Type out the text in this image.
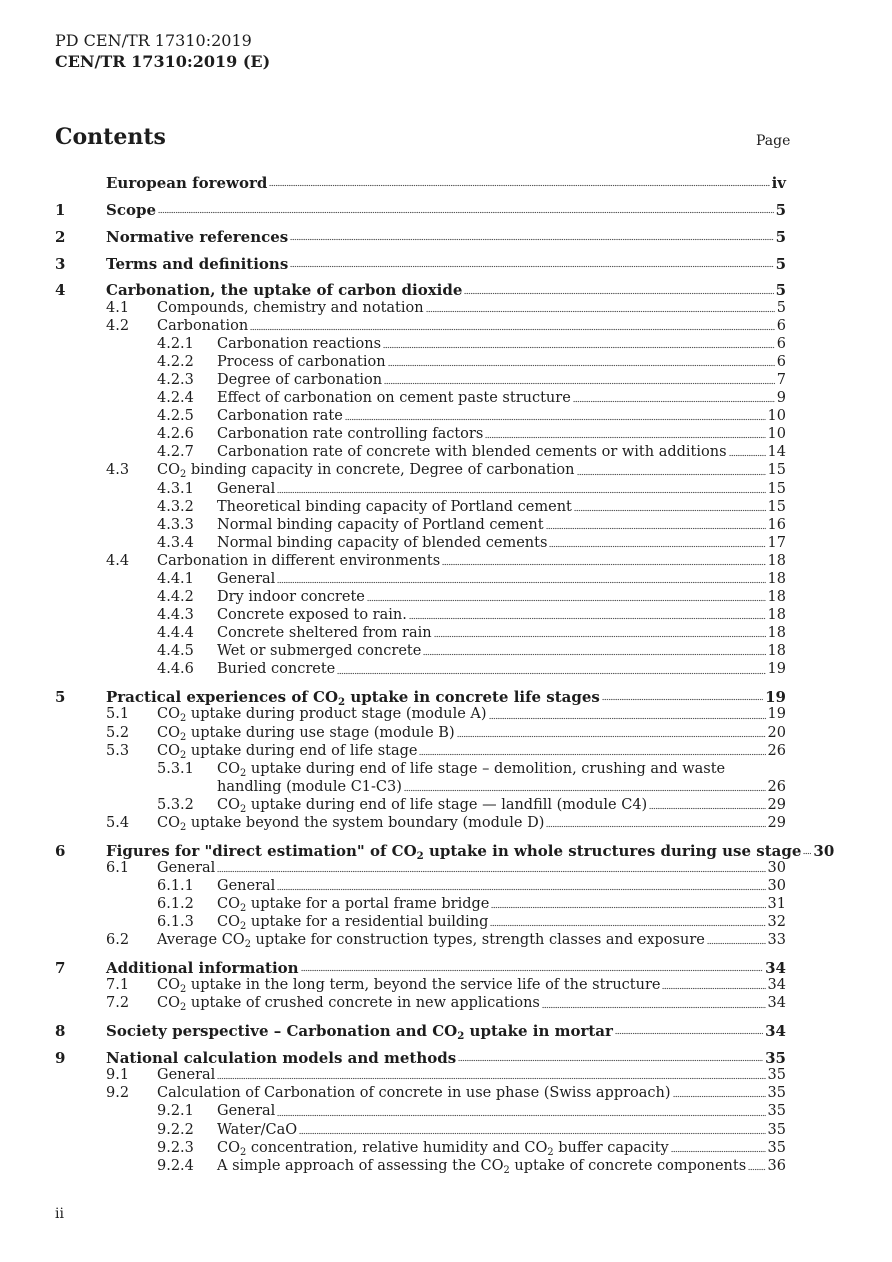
PD CEN/TR 17310:2019
CEN/TR 17310:2019 (E)
Contents	Page
European foreword	iv
1	Scope	5
2	Normative references	5
3	Terms and definitions	5
4	Carbonation, the uptake of carbon dioxide	5
4.1	Compounds, chemistry and notation	5
4.2	Carbonation	6
4.2.1	Carbonation reactions	6
4.2.2	Process of carbonation	6
4.2.3	Degree of carbonation	7
4.2.4	Effect of carbonation on cement paste structure	9
4.2.5	Carbonation rate	10
4.2.6	Carbonation rate controlling factors	10
4.2.7	Carbonation rate of concrete with blended cements or with additions	14
4.3	$CO_2$ binding capacity in concrete, Degree of carbonation	15
4.3.1	General	15
4.3.2	Theoretical binding capacity of Portland cement	15
4.3.3	Normal binding capacity of Portland cement	16
4.3.4	Normal binding capacity of blended cements	17
4.4	Carbonation in different environments	18
4.4.1	General	18
4.4.2	Dry indoor concrete	18
4.4.3	Concrete exposed to rain.	18
4.4.4	Concrete sheltered from rain	18
4.4.5	Wet or submerged concrete	18
4.4.6	Buried concrete	19
5	Practical experiences of $CO_2$ uptake in concrete life stages	19
5.1	$CO_2$ uptake during product stage (module A)	19
5.2	$CO_2$ uptake during use stage (module B)	20
5.3	$CO_2$ uptake during end of life stage	26
5.3.1	$CO_2$ uptake during end of life stage – demolition, crushing and waste
handling (module C1-C3)	26
5.3.2	$CO_2$ uptake during end of life stage — landfill (module C4)	29
5.4	$CO_2$ uptake beyond the system boundary (module D)	29
6	Figures for "direct estimation" of $CO_2$ uptake in whole structures during use stage 30
6.1	General	30
6.1.1	General	30
6.1.2	$CO_2$ uptake for a portal frame bridge	31
6.1.3	$CO_2$ uptake for a residential building	32
6.2	Average $CO_2$ uptake for construction types, strength classes and exposure	33
7	Additional information	34
7.1	$CO_2$ uptake in the long term, beyond the service life of the structure	34
7.2	$CO_2$ uptake of crushed concrete in new applications	34
8	Society perspective – Carbonation and $CO_2$ uptake in mortar	34
9	National calculation models and methods	35
9.1	General	35
9.2	Calculation of Carbonation of concrete in use phase (Swiss approach)	35
9.2.1	General	35
9.2.2	Water/CaO	35
9.2.3	$CO_2$ concentration, relative humidity and $CO_2$ buffer capacity	35
9.2.4	A simple approach of assessing the $CO_2$ uptake of concrete components 36
ii
